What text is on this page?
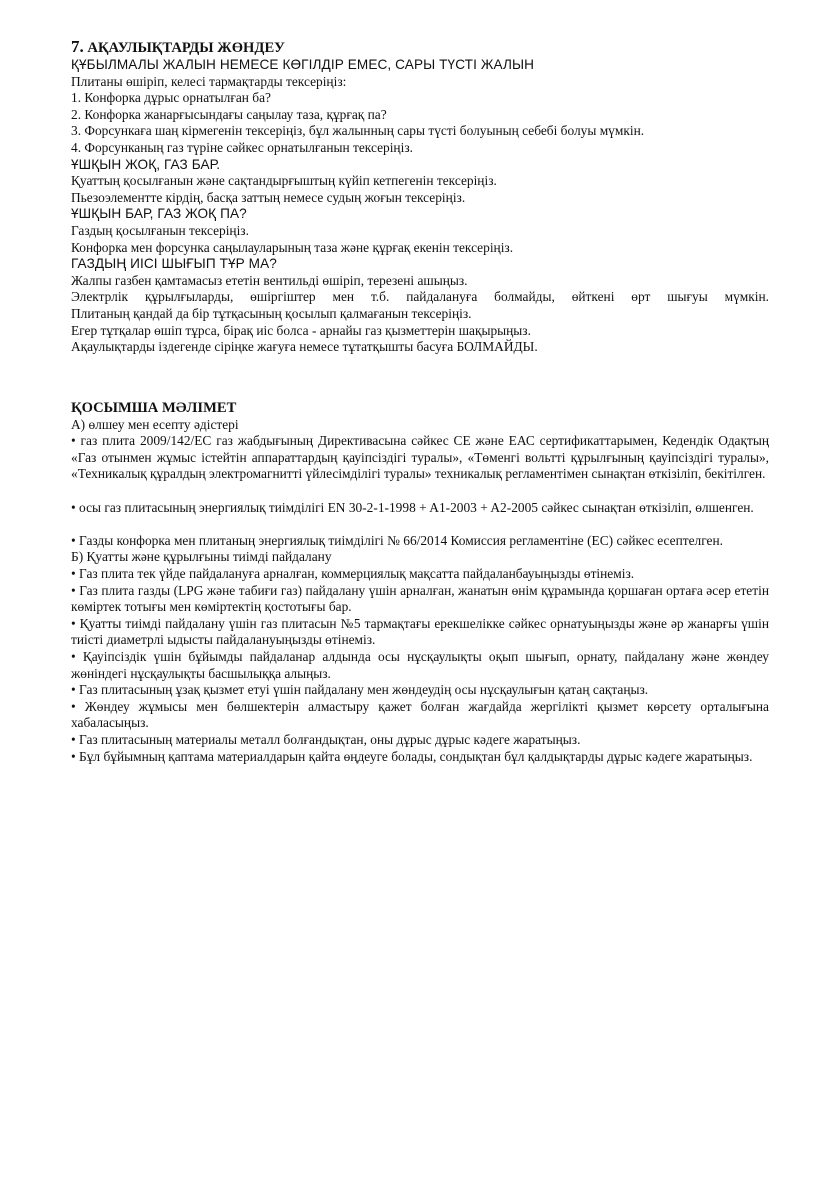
7. АҚАУЛЫҚТАРДЫ ЖӨНДЕУ
ҚҰБЫЛМАЛЫ ЖАЛЫН НЕМЕСЕ КӨГІЛДІР ЕМЕС, САРЫ ТҮСТІ ЖАЛЫН

Плитаны өшіріп, келесі тармақтарды тексеріңіз:

1. Конфорка дұрыс орнатылған ба?

2. Конфорка жанарғысындағы саңылау таза, құрғақ па?

3. Форсункаға шаң кірмегенін тексеріңіз, бұл жалынның сары түсті болуының себебі болуы мүмкін.

4. Форсунканың газ түріне сәйкес орнатылғанын тексеріңіз.

ҰШҚЫН ЖОҚ, ГАЗ БАР.

Қуаттың қосылғанын және сақтандырғыштың күйіп кетпегенін тексеріңіз.

Пьезоэлементте кірдің, басқа заттың немесе судың жоғын тексеріңіз.

ҰШҚЫН БАР, ГАЗ ЖОҚ ПА?

Газдың қосылғанын тексеріңіз.

Конфорка мен форсунка саңылауларының таза және құрғақ екенін тексеріңіз.

ГАЗДЫҢ ИІСІ ШЫҒЫП ТҰР МА?

Жалпы газбен қамтамасыз ететін вентильді өшіріп, терезені ашыңыз.

Электрлік құрылғыларды, өшіргіштер мен т.б. пайдалануға болмайды, өйткені өрт шығуы мүмкін.

Плитаның қандай да бір тұтқасының қосылып қалмағанын тексеріңіз.

Егер тұтқалар өшіп тұрса, бірақ иіс болса - арнайы газ қызметтерін шақырыңыз.

Ақаулықтарды іздегенде сіріңке жағуға немесе тұтатқышты басуға БОЛМАЙДЫ.

ҚОСЫМША МӘЛІМЕТ

А) өлшеу мен есепту әдістері

• газ плита 2009/142/ЕС газ жабдығының Директивасына сәйкес СЕ және ЕАС сертификаттарымен, Кедендік Одақтың «Газ отынмен жұмыс істейтін аппараттардың қауіпсіздігі туралы», «Төменгі вольтті құрылғының қауіпсіздігі туралы», «Техникалық құралдың электромагнитті үйлесімділігі туралы» техникалық регламентімен сынақтан өткізіліп, бекітілген.

• осы газ плитасының энергиялық тиімділігі EN 30-2-1-1998 + A1-2003 + A2-2005 сәйкес сынақтан өткізіліп, өлшенген.

• Газды конфорка мен плитаның энергиялық тиімділігі № 66/2014 Комиссия регламентіне (ЕС) сәйкес есептелген.

Б) Қуатты және құрылғыны тиімді пайдалану

• Газ плита тек үйде пайдалануға арналған, коммерциялық мақсатта пайдаланбауыңызды өтінеміз.

• Газ плита газды (LPG және табиғи газ) пайдалану үшін арналған, жанатын өнім құрамында қоршаған ортаға әсер ететін көміртек тотығы мен көміртектің қостотығы бар.

• Қуатты тиімді пайдалану үшін газ плитасын №5 тармақтағы ерекшелікке сәйкес орнатуыңызды және әр жанарғы үшін тиісті диаметрлі ыдысты пайдалануыңызды өтінеміз.

• Қауіпсіздік үшін бұйымды пайдаланар алдында осы нұсқаулықты оқып шығып, орнату, пайдалану және жөндеу жөніндегі нұсқаулықты басшылыққа алыңыз.

• Газ плитасының ұзақ қызмет етуі үшін пайдалану мен жөндеудің осы нұсқаулығын қатаң сақтаңыз.

• Жөндеу жұмысы мен бөлшектерін алмастыру қажет болған жағдайда жергілікті қызмет көрсету орталығына хабаласыңыз.

• Газ плитасының материалы металл болғандықтан, оны дұрыс дұрыс кәдеге жаратыңыз.

• Бұл бұйымның қаптама материалдарын қайта өңдеуге болады, сондықтан бұл қалдықтарды дұрыс кәдеге жаратыңыз.
